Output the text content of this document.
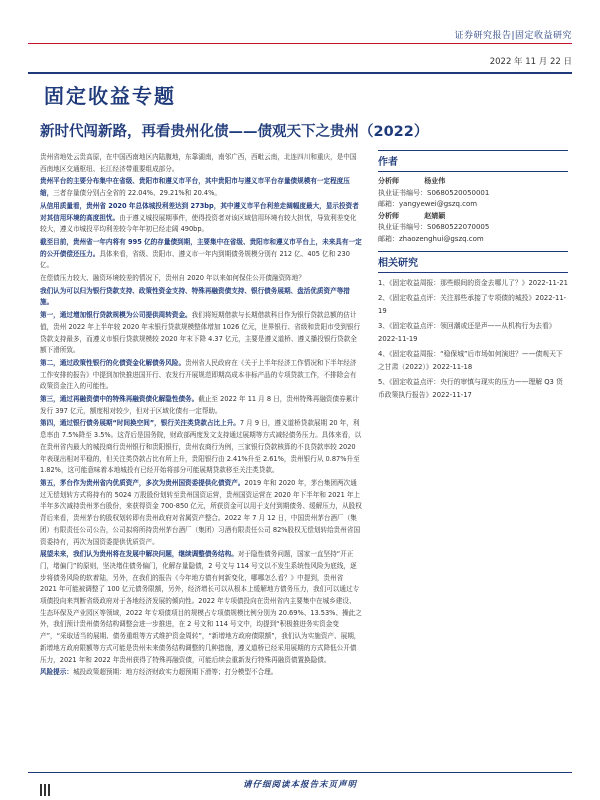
证券研究报告|固定收益研究
2022 年 11 月 22 日
固定收益专题
新时代闯新路，再看贵州化债——债观天下之贵州（2022）

贵州省地处云贵高原，在中国西南地区内陆腹地，东靠湖南，南邻广西，西毗云南，北连四川和重庆，是中国西南地区交通枢纽、长江经济带重要组成部分。

贵州平台的主要分布集中在省级、贵阳市和遵义市平台，其中贵阳市与遵义市平台存量债规模有一定程度压缩，三者存量债分别占全省的 22.04%、29.21%和 20.4%。

从信用质量看，贵州省 2020 年总体城投利差达到 273bp，其中遵义市平台利差走阔幅度最大，显示投资者对其信用环境的高度担忧。由于遵义城投展期事件，使得投资者对该区域信用环境有较大担忧，导致利差变化较大，遵义市城投平均利差较今年年初已经走阔 490bp。

截至目前，贵州省一年内将有 995 亿的存量债到期，主要集中在省级、贵阳市和遵义市平台上，未来具有一定的公开债偿还压力。具体来看，省级、贵阳市、遵义市一年内到期债务规模分别有 212 亿、405 亿和 230 亿。

在偿债压力较大、融资环境较差的情况下，贵州自 2020 年以来如何保住公开债融资阵地？

我们认为可以归为银行贷款支持、政策性资金支持、特殊再融资债支持、银行债务展期、盘活优质资产等措施。

第一，通过增加银行贷款规模为公司提供周转资金。我们将短期借款与长期借款科目作为银行贷款总额的估计值，贵州 2022 年上半年较 2020 年末银行贷款规模整体增加 1026 亿元，世界银行、省级和贵阳市受到银行贷款支持最多，而遵义市银行贷款规模较 2020 年末下降 4.37 亿元，主要是遵义道桥、遵义播投银行贷款全额下滑所致。

第二，通过政策性银行的化债资金化解债务风险。贵州省人民政府在《关于上半年经济工作情况和下半年经济工作安排的报告》中提到加快推进国开行、农发行开展规范即期高成本非标产品的专项贷款工作，不排除会有政策资金注入的可能性。

第三，通过再融资债中的特殊再融资债化解隐性债务。截止至 2022 年 11 月 8 日，贵州特殊再融资债券累计发行 397 亿元，额度相对较少，但对于区域化债有一定帮助。

第四，通过银行债务展期“时间换空间”，银行关注类贷款占比上升。7 月 9 日，遵义道桥贷款展期 20 年，利息率由 7.5%降至 3.5%。这背后是国务院，财政部两度发文支持通过展期等方式减轻债务压力。具体来看，以在贵州省内最大的城投商行贵州银行和贵阳银行，贵州农商行为例，三家银行贷款核算的不良贷款率较 2020 年表现出相对平稳的，但关注类贷款占比有所上升，贵阳银行由 2.41%升至 2.61%，贵州银行从 0.87%升至 1.82%，这可能意味着本地城投有已经开始将部分可能展期贷款移至关注类贷款。

第五，茅台作为贵州省内优质资产，多次为贵州国资委提供化债资产。2019 年和 2020 年，茅台集团两次通过无偿划转方式将持有的 5024 万股股份划转至贵州国资运营，贵州国资运营在 2020 年下半年和 2021 年上半年多次减持贵州茅台股份，来获得资金 700-850 亿元，所获资金可以用于支付到期债务、缓解压力，从股权背后来看，贵州茅台的股权划转即有贵州政府对省属资产整合。2022 年 7 月 12 日，中国贵州茅台酒厂（集团）有限责任公司公告，公司拟将所持贵州茅台酒厂（集团）习酒有限责任公司 82%股权无偿划转给贵州省国资委持有，再次为国资委提供优质资产。

展望未来，我们认为贵州将在发展中解决问题，继续调整债务结构。对于隐性债务问题，国家一直坚持“开正门，堵偏门”的原则，坚决堵住债务偏门，化解存量隐债，2 号文与 114 号文以不发生系统性风险为底线，逐步将债务风险的软着陆，另外，在我们的报告《今年地方债有何新变化，哪哪怎么看？》中提到，贵州省 2021 年可能被调整了 100 亿元债务限额，另外，经济增长可以从根本上缓解地方债务压力，我们可以通过专项债投向来判断省级政府对于各地经济发展的倾向性。2022 年专项债投向在贵州省内主要集中在城乡建设、生态环保及产业园区等领域，2022 年专项债项目的规模占专项债规模比例分别为 20.69%、13.53%、操此之外，我们预计贵州债务结构调整会进一步推进，在 2 号文和 114 号文中，均提到“积极推进务实资金变产”，“采取适当的展期、债务重组等方式维护资金周转”，“新增地方政府债限额”，我们认为实施资产、展期，新增地方政府限额等方式可能是贵州未来债务结构调整的几种措施，遵义道桥已经采用展期的方式降低公开债压力，2021 年和 2022 年贵州获得了特殊再融资债，可能后续会重新发行特殊再融资债置换隐债。

风险提示：城投政策超预期：地方经济财政实力超预期下滑等；打分模型不合理。

作者
分析师	杨业伟
执业证书编号：S0680520050001
邮箱：yangyewei@gszq.com
分析师	赵婧颖
执业证书编号：S0680522070005
邮箱：zhaozenghui@gszq.com
相关研究
1、《固定收益周报：那些眼间的资金去哪儿了？》2022-11-21
2、《固定收益点评：关注那些承接了专项债的城投》2022-11-19
3、《固定收益点评：领回潮或还是声——从机构行为去看》2022-11-19
4、《固定收益周报：“稳保城”后市场如何演进？——债观天下之甘肃（2022）》2022-11-18
5、《固定收益点评：央行的审慎与现实的压力——理解 Q3 货币政策执行报告》2022-11-17
请仔细阅读本报告末页声明
